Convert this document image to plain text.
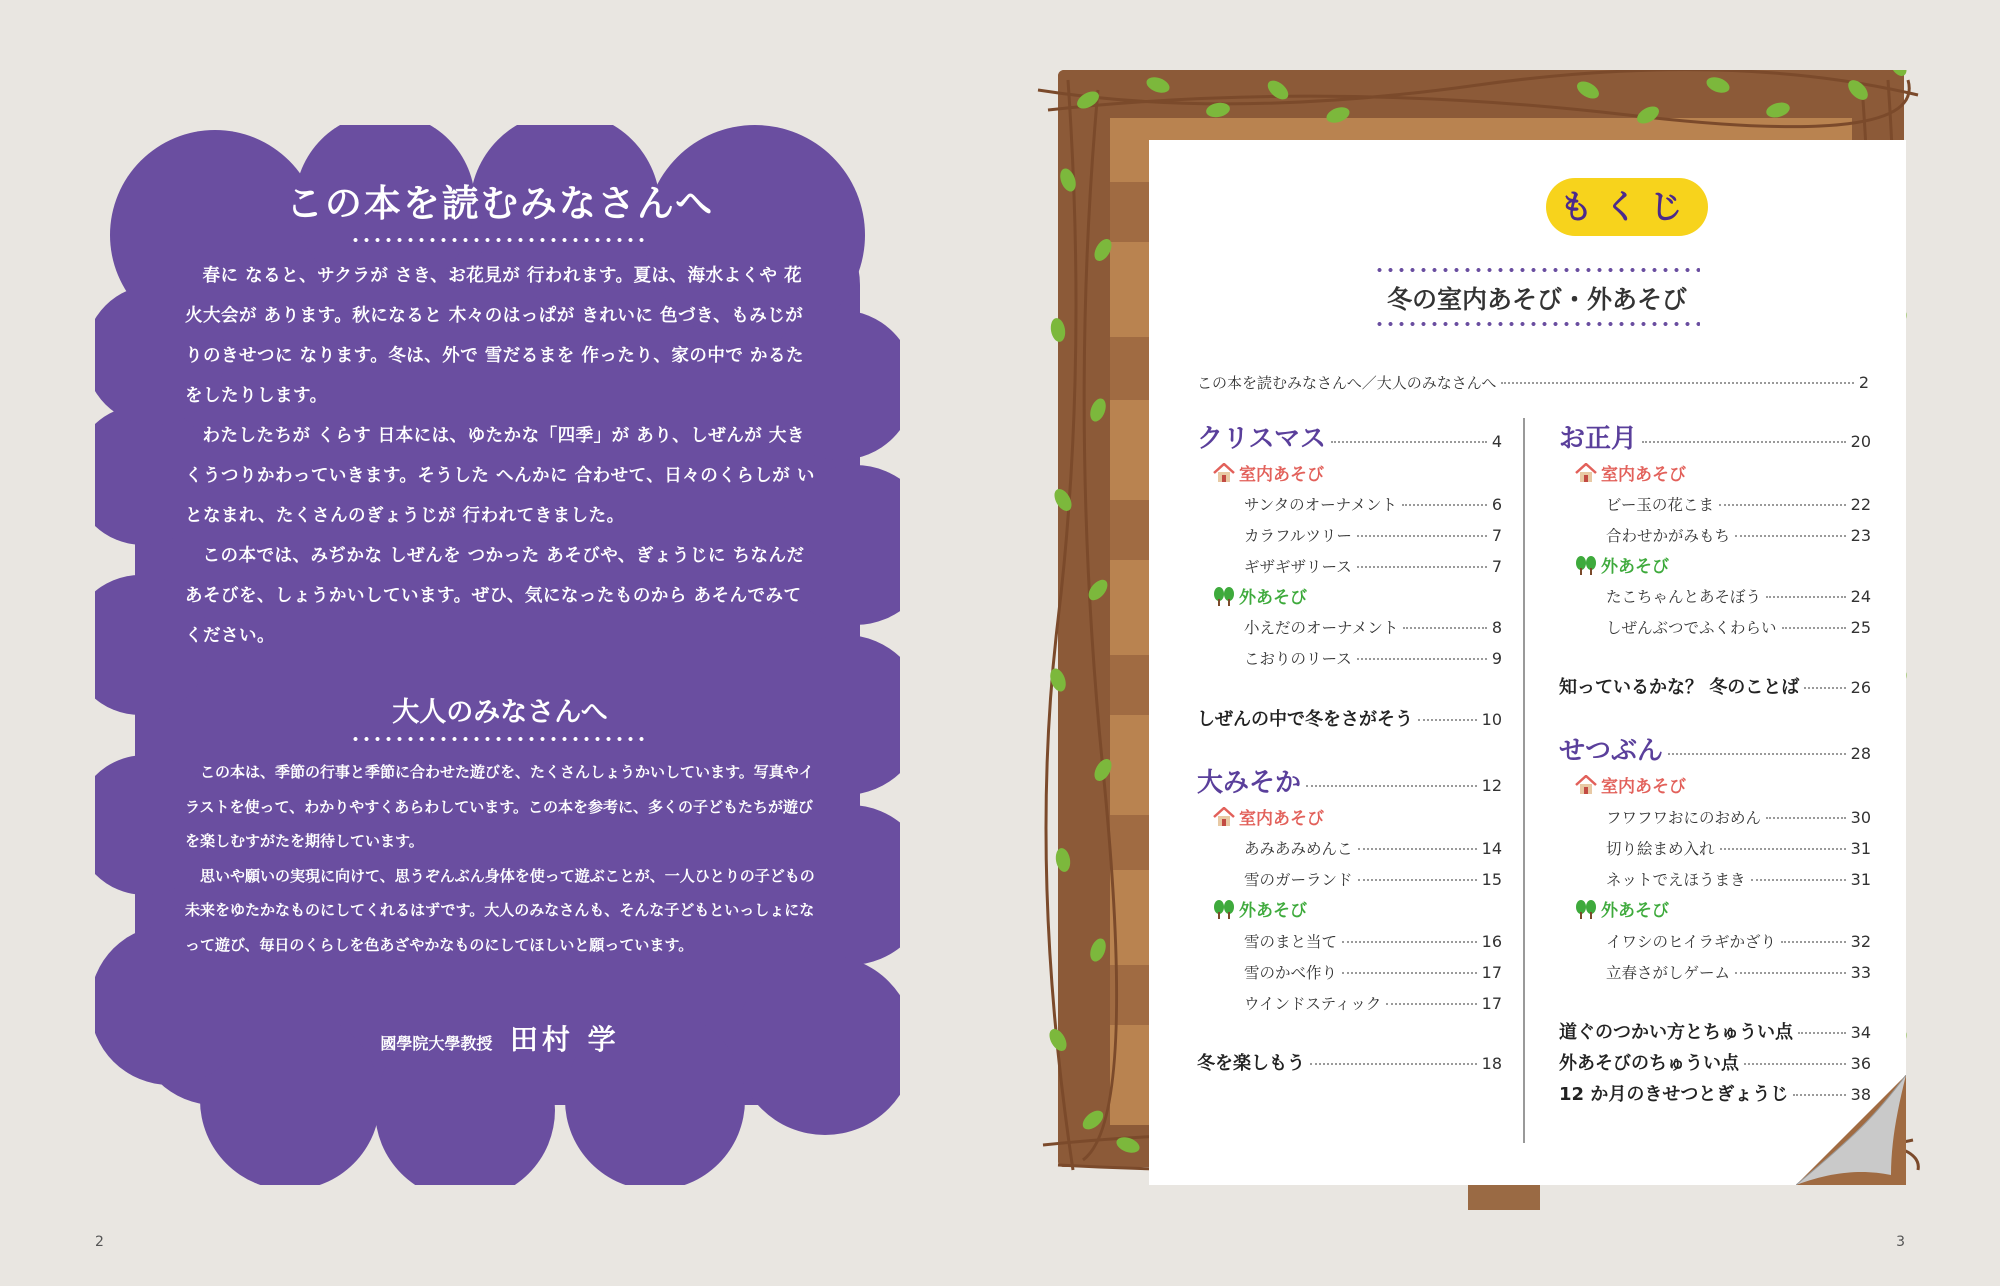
この本を読むみなさんへ

春に なると、サクラが さき、お花見が 行われます。夏は、海水よくや 花火大会が あります。秋になると 木々のはっぱが きれいに 色づき、もみじがりのきせつに なります。冬は、外で 雪だるまを 作ったり、家の中で かるたをしたりします。

わたしたちが くらす 日本には、ゆたかな「四季」が あり、しぜんが 大きくうつりかわっていきます。そうした へんかに 合わせて、日々のくらしが いとなまれ、たくさんのぎょうじが 行われてきました。

この本では、みぢかな しぜんを つかった あそびや、ぎょうじに ちなんだ あそびを、しょうかいしています。ぜひ、気になったものから あそんでみてください。

大人のみなさんへ

この本は、季節の行事と季節に合わせた遊びを、たくさんしょうかいしています。写真やイラストを使って、わかりやすくあらわしています。この本を参考に、多くの子どもたちが遊びを楽しむすがたを期待しています。

思いや願いの実現に向けて、思うぞんぶん身体を使って遊ぶことが、一人ひとりの子どもの未来をゆたかなものにしてくれるはずです。大人のみなさんも、そんな子どもといっしょになって遊び、毎日のくらしを色あざやかなものにしてほしいと願っています。

國學院大學教授 田村 学
2
もくじ
冬の室内あそび・外あそび
この本を読むみなさんへ／大人のみなさんへ	2
クリスマス	4
室内あそび
サンタのオーナメント	6
カラフルツリー	7
ギザギザリース	7
外あそび
小えだのオーナメント	8
こおりのリース	9
しぜんの中で冬をさがそう	10
大みそか	12
室内あそび
あみあみめんこ	14
雪のガーランド	15
外あそび
雪のまと当て	16
雪のかべ作り	17
ウインドスティック	17
冬を楽しもう	18
お正月	20
室内あそび
ビー玉の花こま	22
合わせかがみもち	23
外あそび
たこちゃんとあそぼう	24
しぜんぶつでふくわらい	25
知っているかな？ 冬のことば	26
せつぶん	28
室内あそび
フワフワおにのおめん	30
切り絵まめ入れ	31
ネットでえほうまき	31
外あそび
イワシのヒイラギかざり	32
立春さがしゲーム	33
道ぐのつかい方とちゅうい点	34
外あそびのちゅうい点	36
12 か月のきせつとぎょうじ	38
3
